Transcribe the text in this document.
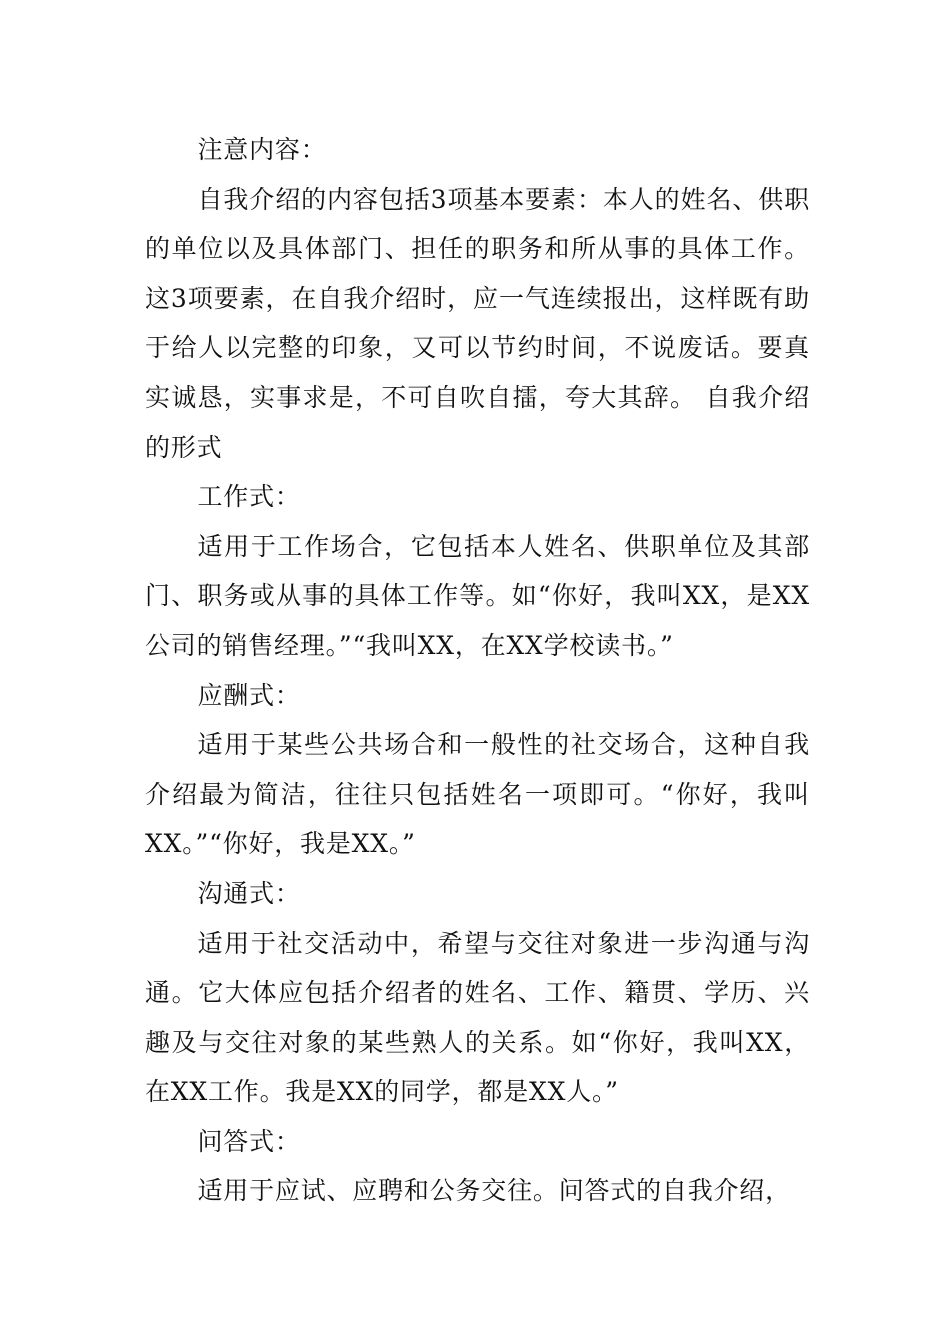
注意内容：

自我介绍的内容包括3项基本要素：本人的姓名、供职的单位以及具体部门、担任的职务和所从事的具体工作。这3项要素，在自我介绍时，应一气连续报出，这样既有助于给人以完整的印象，又可以节约时间，不说废话。要真实诚恳，实事求是，不可自吹自擂，夸大其辞。 自我介绍的形式

工作式：

适用于工作场合，它包括本人姓名、供职单位及其部门、职务或从事的具体工作等。如“你好，我叫XX，是XX公司的销售经理。”“我叫XX，在XX学校读书。”

应酬式：

适用于某些公共场合和一般性的社交场合，这种自我介绍最为简洁，往往只包括姓名一项即可。“你好，我叫XX。”“你好，我是XX。”

沟通式：

适用于社交活动中，希望与交往对象进一步沟通与沟通。它大体应包括介绍者的姓名、工作、籍贯、学历、兴趣及与交往对象的某些熟人的关系。如“你好，我叫XX，在XX工作。我是XX的同学，都是XX人。”

问答式：

适用于应试、应聘和公务交往。问答式的自我介绍，
